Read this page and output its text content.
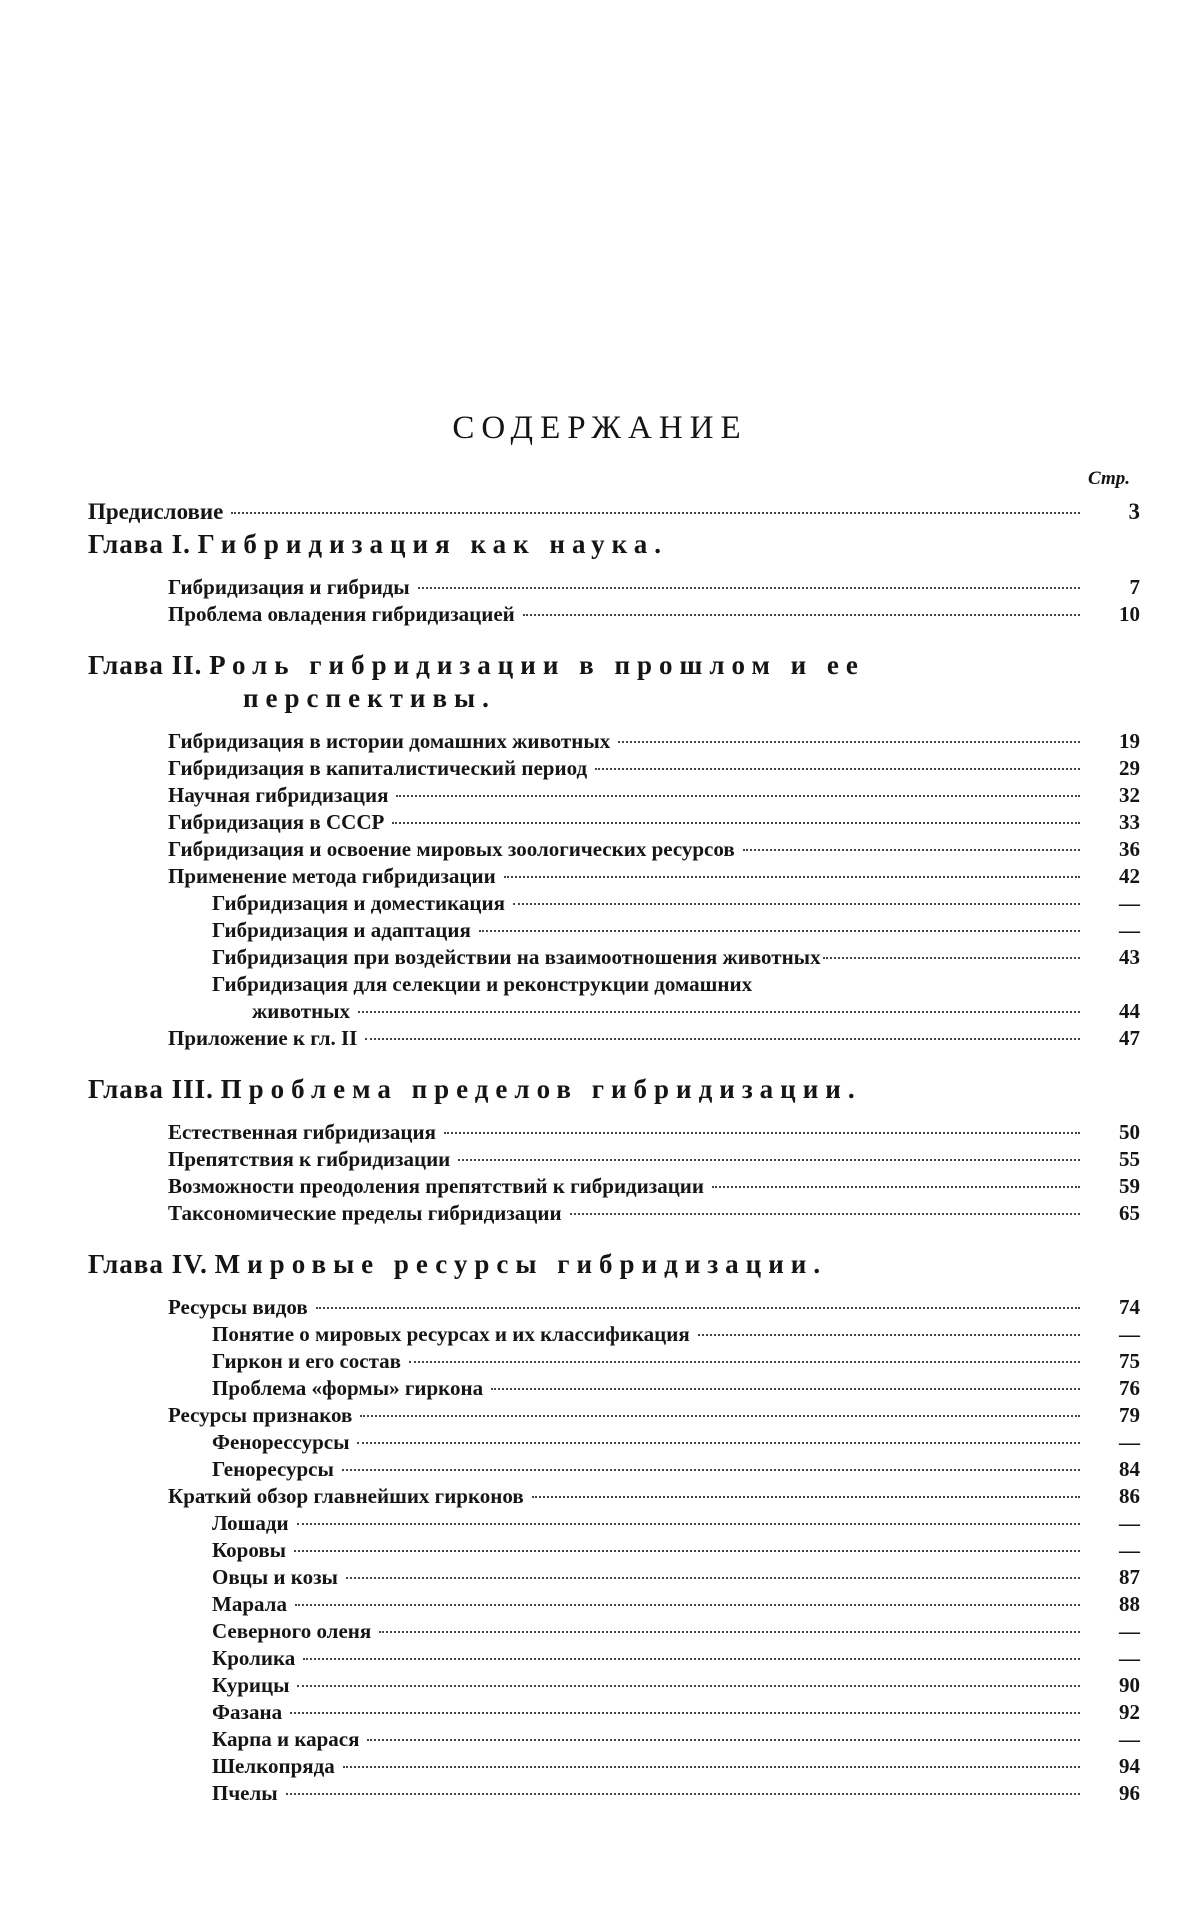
СОДЕРЖАНИЕ
Стр.
Предисловие	3
Глава I. Гибридизация как наука.
Гибридизация и гибриды	7
Проблема овладения гибридизацией	10
Глава II. Роль гибридизации в прошлом и ее
перспективы.
Гибридизация в истории домашних животных	19
Гибридизация в капиталистический период	29
Научная гибридизация	32
Гибридизация в СССР	33
Гибридизация и освоение мировых зоологических ресурсов	36
Применение метода гибридизации	42
Гибридизация и доместикация	—
Гибридизация и адаптация	—
Гибридизация при воздействии на взаимоотношения животных	43
Гибридизация для селекции и реконструкции домашних
животных	44
Приложение к гл. II	47
Глава III. Проблема пределов гибридизации.
Естественная гибридизация	50
Препятствия к гибридизации	55
Возможности преодоления препятствий к гибридизации	59
Таксономические пределы гибридизации	65
Глава IV. Мировые ресурсы гибридизации.
Ресурсы видов	74
Понятие о мировых ресурсах и их классификация	—
Гиркон и его состав	75
Проблема «формы» гиркона	76
Ресурсы признаков	79
Фенорессурсы	—
Геноресурсы	84
Краткий обзор главнейших гирконов	86
Лошади	—
Коровы	—
Овцы и козы	87
Марала	88
Северного оленя	—
Кролика	—
Курицы	90
Фазана	92
Карпа и карася	—
Шелкопряда	94
Пчелы	96
